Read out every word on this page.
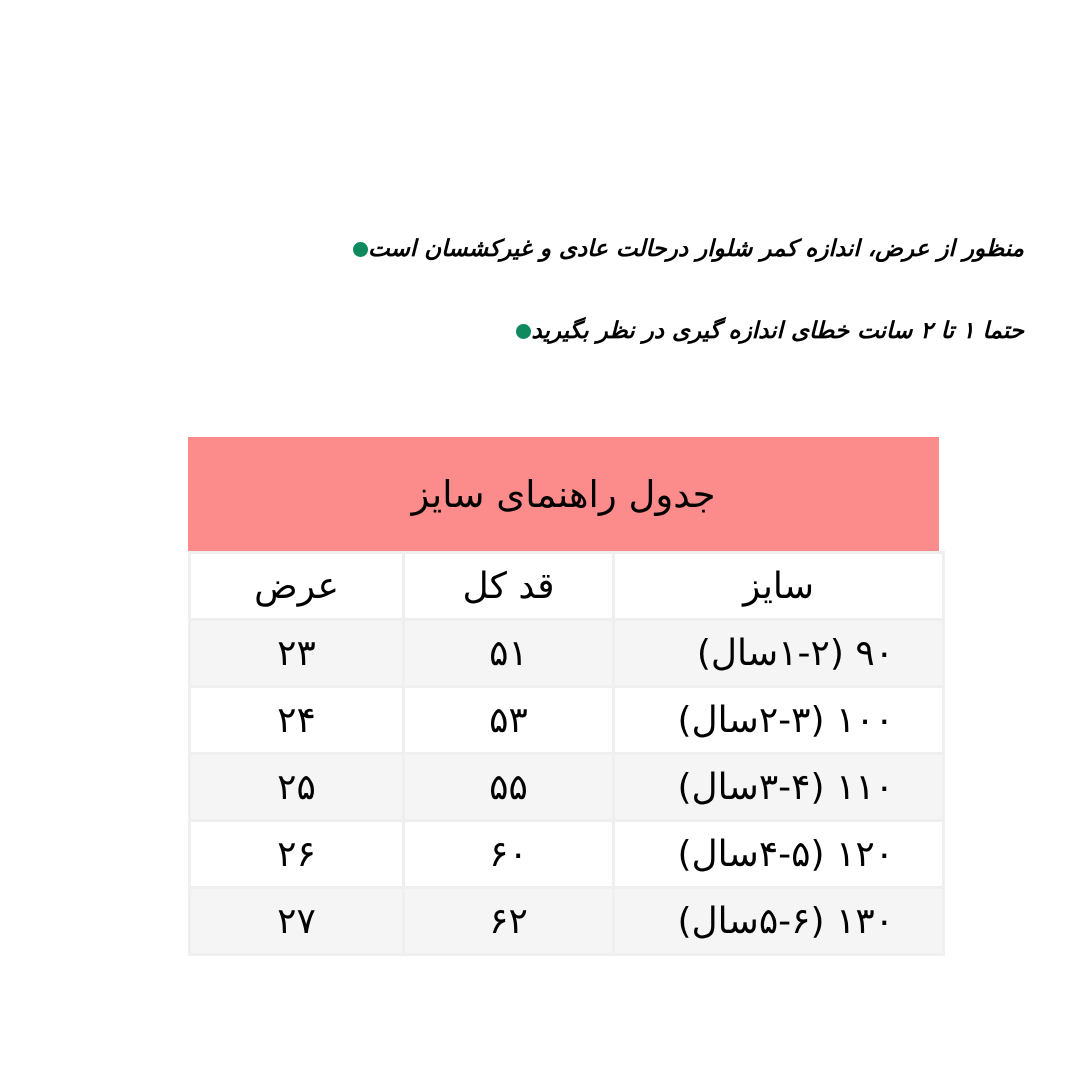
منظور از عرض، اندازه کمر شلوار درحالت عادی و غیرکشسان است
حتما ۱ تا ۲ سانت خطای اندازه گیری در نظر بگیرید
جدول راهنمای سایز
سایز	قد کل	عرض
۹۰ (۱-۲سال)	۵۱	۲۳
۱۰۰ (۲-۳سال)	۵۳	۲۴
۱۱۰ (۳-۴سال)	۵۵	۲۵
۱۲۰ (۴-۵سال)	۶۰	۲۶
۱۳۰ (۵-۶سال)	۶۲	۲۷
